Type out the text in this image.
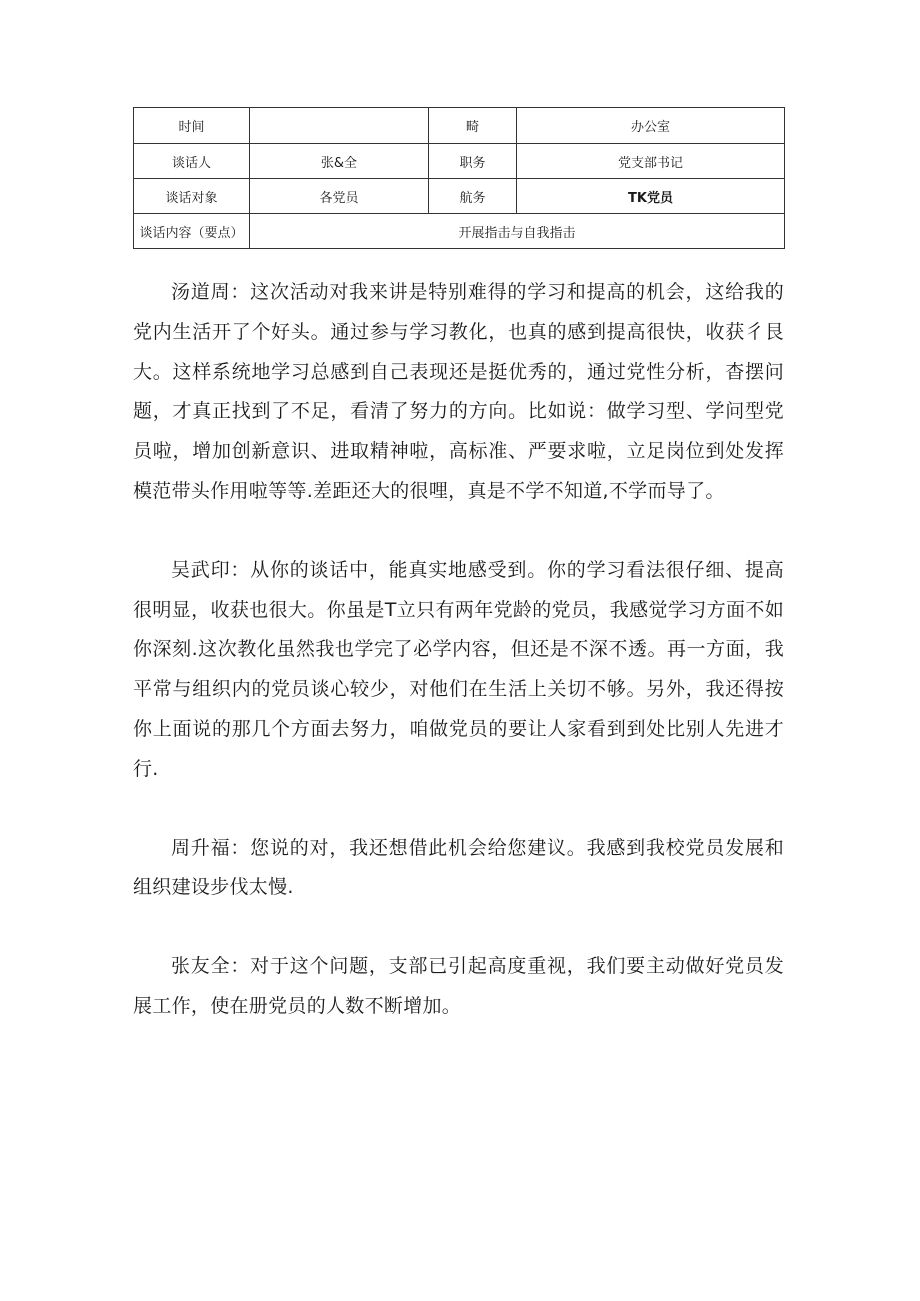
时间		畸	办公室
谈话人	张&全	职务	党支部书记
谈话对象	各党员	航务	TK党员
谈话内容（要点）	开展指击与自我指击		

汤道周：这次活动对我来讲是特别难得的学习和提高的机会，这给我的党内生活开了个好头。通过参与学习教化，也真的感到提高很快，收获彳艮大。这样系统地学习总感到自己表现还是挺优秀的，通过党性分析，杳摆问题，才真正找到了不足，看清了努力的方向。比如说：做学习型、学问型党员啦，增加创新意识、进取精神啦，高标准、严要求啦，立足岗位到处发挥模范带头作用啦等等.差距还大的很哩，真是不学不知道,不学而导了。

吴武印：从你的谈话中，能真实地感受到。你的学习看法很仔细、提高很明显，收获也很大。你虽是T立只有两年党龄的党员，我感觉学习方面不如你深刻.这次教化虽然我也学完了必学内容，但还是不深不透。再一方面，我平常与组织内的党员谈心较少，对他们在生活上关切不够。另外，我还得按你上面说的那几个方面去努力，咱做党员的要让人家看到到处比别人先进才行.

周升福：您说的对，我还想借此机会给您建议。我感到我校党员发展和组织建设步伐太慢.

张友全：对于这个问题，支部已引起高度重视，我们要主动做好党员发展工作，使在册党员的人数不断增加。
